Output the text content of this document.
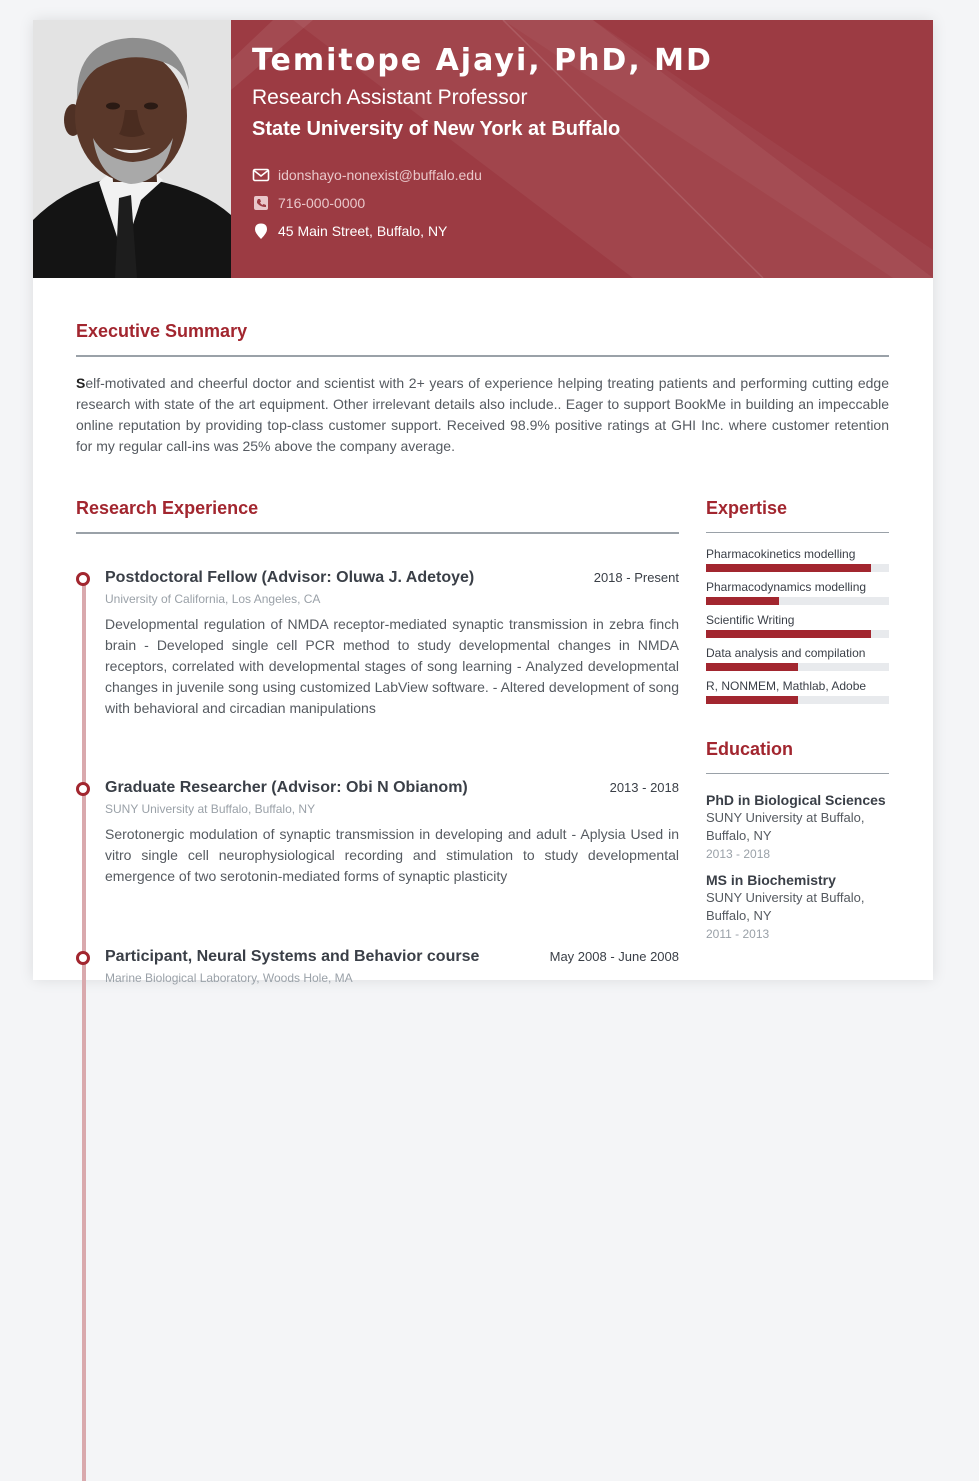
Temitope Ajayi, PhD, MD
Research Assistant Professor
State University of New York at Buffalo
idonshayo-nonexist@buffalo.edu
716-000-0000
45 Main Street, Buffalo, NY
Executive Summary

Self-motivated and cheerful doctor and scientist with 2+ years of experience helping treating patients and performing cutting edge research with state of the art equipment. Other irrelevant details also include.. Eager to support BookMe in building an impeccable online reputation by providing top-class customer support. Received 98.9% positive ratings at GHI Inc. where customer retention for my regular call-ins was 25% above the company average.

Research Experience
Postdoctoral Fellow (Advisor: Oluwa J. Adetoye)	2018 - Present
University of California, Los Angeles, CA
Developmental regulation of NMDA receptor-mediated synaptic transmission in zebra finch brain - Developed single cell PCR method to study developmental changes in NMDA receptors, correlated with developmental stages of song learning - Analyzed developmental changes in juvenile song using customized LabView software. - Altered development of song with behavioral and circadian manipulations
Graduate Researcher (Advisor: Obi N Obianom)	2013 - 2018
SUNY University at Buffalo, Buffalo, NY
Serotonergic modulation of synaptic transmission in developing and adult - Aplysia Used in vitro single cell neurophysiological recording and stimulation to study developmental emergence of two serotonin-mediated forms of synaptic plasticity
Participant, Neural Systems and Behavior course	May 2008 - June 2008
Marine Biological Laboratory, Woods Hole, MA
Expertise
Pharmacokinetics modelling
Pharmacodynamics modelling
Scientific Writing
Data analysis and compilation
R, NONMEM, Mathlab, Adobe
Education
PhD in Biological Sciences
SUNY University at Buffalo, Buffalo, NY
2013 - 2018
MS in Biochemistry
SUNY University at Buffalo, Buffalo, NY
2011 - 2013
